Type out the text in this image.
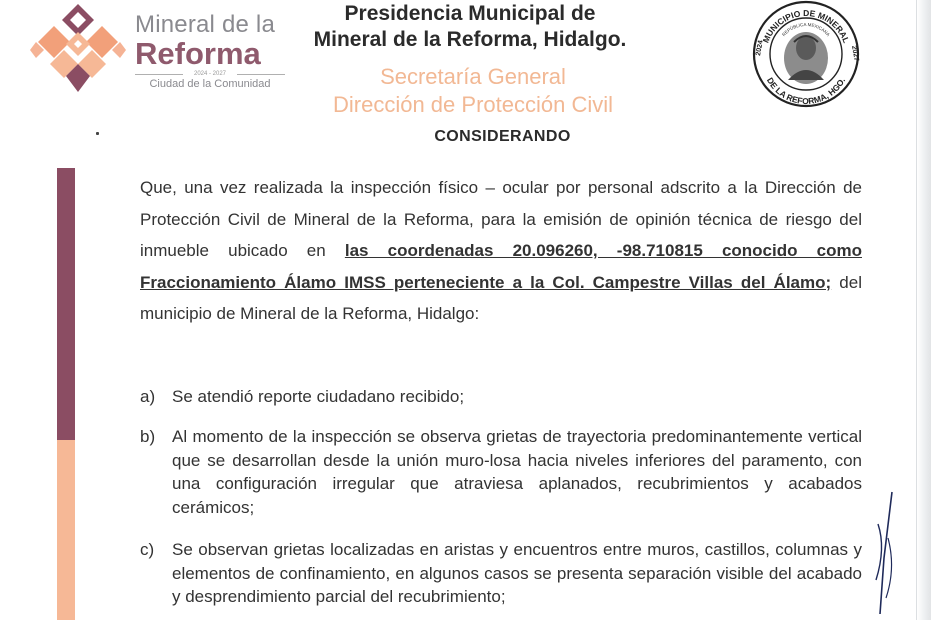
Mineral de la
Reforma
2024 - 2027
Ciudad de la Comunidad
Presidencia Municipal de
Mineral de la Reforma, Hidalgo.
Secretaría General
Dirección de Protección Civil
CONSIDERANDO
MUNICIPIO DE MINERAL
REPÚBLICA MEXICANA
DE LA REFORMA, HGO.
2024	2027

Que, una vez realizada la inspección físico – ocular por personal adscrito a la Dirección de Protección Civil de Mineral de la Reforma, para la emisión de opinión técnica de riesgo del inmueble ubicado en las coordenadas 20.096260, -98.710815 conocido como Fraccionamiento Álamo IMSS perteneciente a la Col. Campestre Villas del Álamo; del municipio de Mineral de la Reforma, Hidalgo:

a) Se atendió reporte ciudadano recibido;
b) Al momento de la inspección se observa grietas de trayectoria predominantemente vertical que se desarrollan desde la unión muro-losa hacia niveles inferiores del paramento, con una configuración irregular que atraviesa aplanados, recubrimientos y acabados cerámicos;
c)	Se observan grietas localizadas en aristas y encuentros entre muros, castillos, columnas y elementos de confinamiento, en algunos casos se presenta separación visible del acabado y desprendimiento parcial del recubrimiento;
